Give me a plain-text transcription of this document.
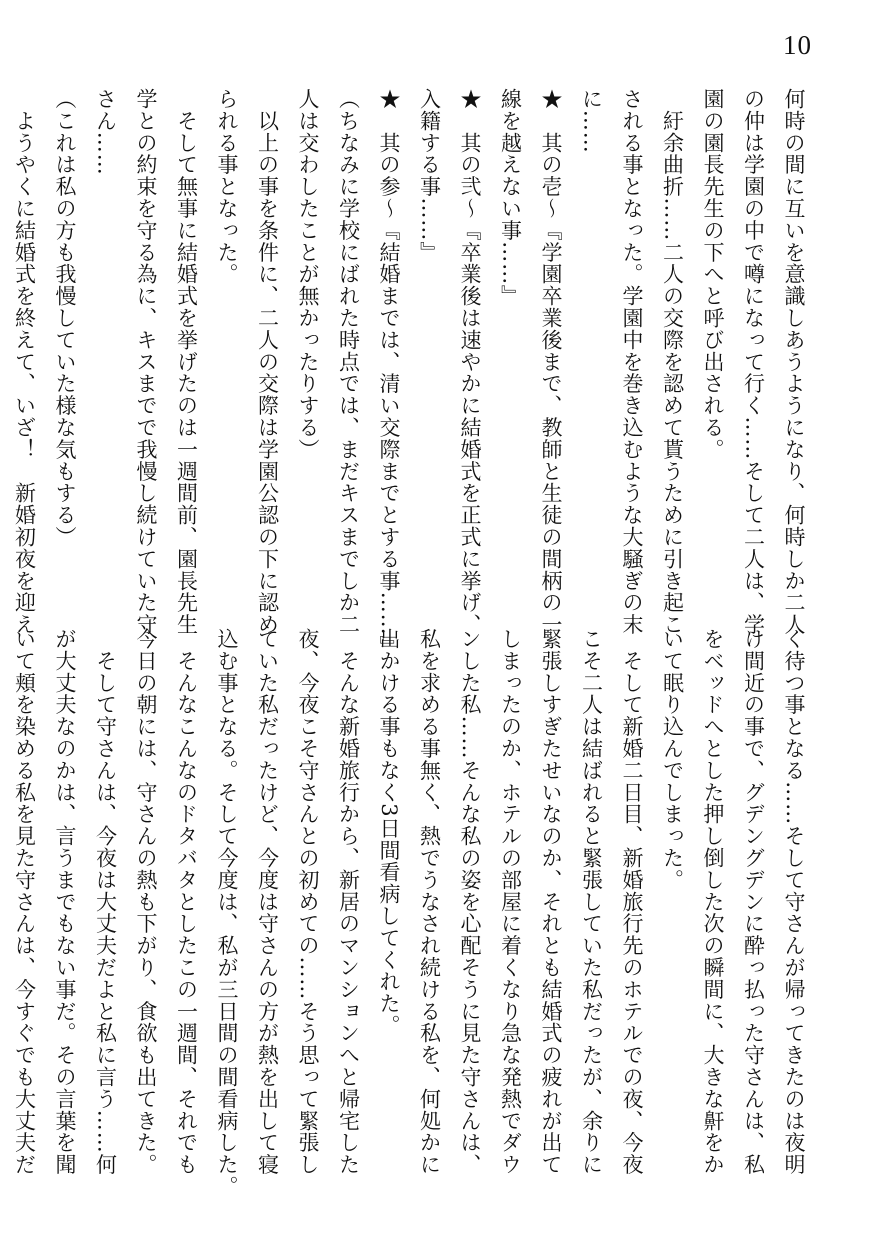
10
何時の間に互いを意識しあうようになり、何時しか二人
の仲は学園の中で噂になって行く……そして二人は、学
園の園長先生の下へと呼び出される。
　紆余曲折……二人の交際を認めて貰うために引き起こ
される事となった。学園中を巻き込むような大騒ぎの末
に……
★　其の壱〜『学園卒業後まで、教師と生徒の間柄の一
線を越えない事……』
★　其の弐〜『卒業後は速やかに結婚式を正式に挙げ、
入籍する事……』
★　其の参〜『結婚までは、清い交際までとする事……』
（ちなみに学校にばれた時点では、まだキスまでしか二
人は交わしたことが無かったりする）
　以上の事を条件に、二人の交際は学園公認の下に認め
られる事となった。
　そして無事に結婚式を挙げたのは一週間前、園長先生
学との約束を守る為に、キスまでで我慢し続けていた守
さん……
（これは私の方も我慢していた様な気もする）
　ようやくに結婚式を終えて、いざ！　新婚初夜を迎え
く待つ事となる……そして守さんが帰ってきたのは夜明
け間近の事で、グデングデンに酔っ払った守さんは、私
をベッドへとした押し倒した次の瞬間に、大きな鼾をか
いて眠り込んでしまった。
　そして新婚二日目、新婚旅行先のホテルでの夜、今夜
こそ二人は結ばれると緊張していた私だったが、余りに
緊張しすぎたせいなのか、それとも結婚式の疲れが出て
しまったのか、ホテルの部屋に着くなり急な発熱でダウ
ンした私……そんな私の姿を心配そうに見た守さんは、
私を求める事無く、熱でうなされ続ける私を、何処かに
出かける事もなく3日間看病してくれた。
　そんな新婚旅行から、新居のマンションへと帰宅した
夜、今夜こそ守さんとの初めての……そう思って緊張し
ていた私だったけど、今度は守さんの方が熱を出して寝
込む事となる。そして今度は、私が三日間の間看病した。
　そんなこんなのドタバタとしたこの一週間、それでも
今日の朝には、守さんの熱も下がり、食欲も出てきた。
　そして守さんは、今夜は大丈夫だよと私に言う……何
が大丈夫なのかは、言うまでもない事だ。その言葉を聞
いて頬を染める私を見た守さんは、今すぐでも大丈夫だ
